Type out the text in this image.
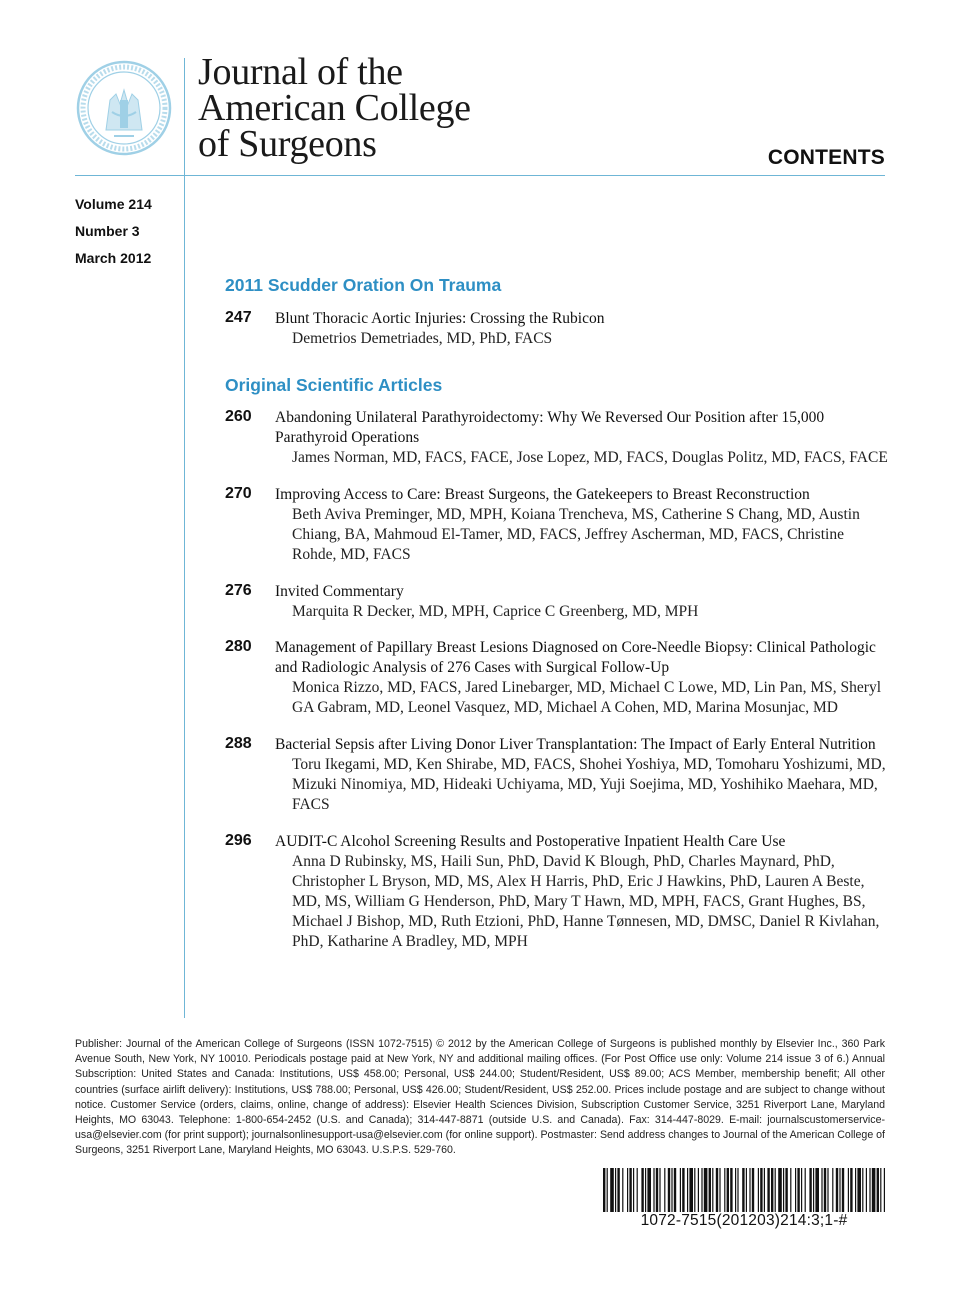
Journal of the
American College
of Surgeons	CONTENTS
Volume 214
Number 3
March 2012
2011 Scudder Oration On Trauma
247 Blunt Thoracic Aortic Injuries: Crossing the Rubicon
Demetrios Demetriades, MD, PhD, FACS
Original Scientific Articles
260 Abandoning Unilateral Parathyroidectomy: Why We Reversed Our Position after 15,000 Parathyroid Operations
James Norman, MD, FACS, FACE, Jose Lopez, MD, FACS, Douglas Politz, MD, FACS, FACE
270 Improving Access to Care: Breast Surgeons, the Gatekeepers to Breast Reconstruction
Beth Aviva Preminger, MD, MPH, Koiana Trencheva, MS, Catherine S Chang, MD, Austin Chiang, BA, Mahmoud El-Tamer, MD, FACS, Jeffrey Ascherman, MD, FACS, Christine Rohde, MD, FACS
276 Invited Commentary
Marquita R Decker, MD, MPH, Caprice C Greenberg, MD, MPH
280 Management of Papillary Breast Lesions Diagnosed on Core-Needle Biopsy: Clinical Pathologic and Radiologic Analysis of 276 Cases with Surgical Follow-Up
Monica Rizzo, MD, FACS, Jared Linebarger, MD, Michael C Lowe, MD, Lin Pan, MS, Sheryl GA Gabram, MD, Leonel Vasquez, MD, Michael A Cohen, MD, Marina Mosunjac, MD
288 Bacterial Sepsis after Living Donor Liver Transplantation: The Impact of Early Enteral Nutrition
Toru Ikegami, MD, Ken Shirabe, MD, FACS, Shohei Yoshiya, MD, Tomoharu Yoshizumi, MD, Mizuki Ninomiya, MD, Hideaki Uchiyama, MD, Yuji Soejima, MD, Yoshihiko Maehara, MD, FACS
296 AUDIT-C Alcohol Screening Results and Postoperative Inpatient Health Care Use
Anna D Rubinsky, MS, Haili Sun, PhD, David K Blough, PhD, Charles Maynard, PhD, Christopher L Bryson, MD, MS, Alex H Harris, PhD, Eric J Hawkins, PhD, Lauren A Beste, MD, MS, William G Henderson, PhD, Mary T Hawn, MD, MPH, FACS, Grant Hughes, BS, Michael J Bishop, MD, Ruth Etzioni, PhD, Hanne Tønnesen, MD, DMSC, Daniel R Kivlahan, PhD, Katharine A Bradley, MD, MPH
Publisher: Journal of the American College of Surgeons (ISSN 1072-7515) © 2012 by the American College of Surgeons is published monthly by Elsevier Inc., 360 Park Avenue South, New York, NY 10010. Periodicals postage paid at New York, NY and additional mailing offices. (For Post Office use only: Volume 214 issue 3 of 6.) Annual Subscription: United States and Canada: Institutions, US$ 458.00; Personal, US$ 244.00; Student/Resident, US$ 89.00; ACS Member, membership benefit; All other countries (surface airlift delivery): Institutions, US$ 788.00; Personal, US$ 426.00; Student/Resident, US$ 252.00. Prices include postage and are subject to change without notice. Customer Service (orders, claims, online, change of address): Elsevier Health Sciences Division, Subscription Customer Service, 3251 Riverport Lane, Maryland Heights, MO 63043. Telephone: 1-800-654-2452 (U.S. and Canada); 314-447-8871 (outside U.S. and Canada). Fax: 314-447-8029. E-mail: journalscustomerservice-usa@elsevier.com (for print support); journalsonlinesupport-usa@elsevier.com (for online support). Postmaster: Send address changes to Journal of the American College of Surgeons, 3251 Riverport Lane, Maryland Heights, MO 63043. U.S.P.S. 529-760.
1072-7515(201203)214:3;1-#
